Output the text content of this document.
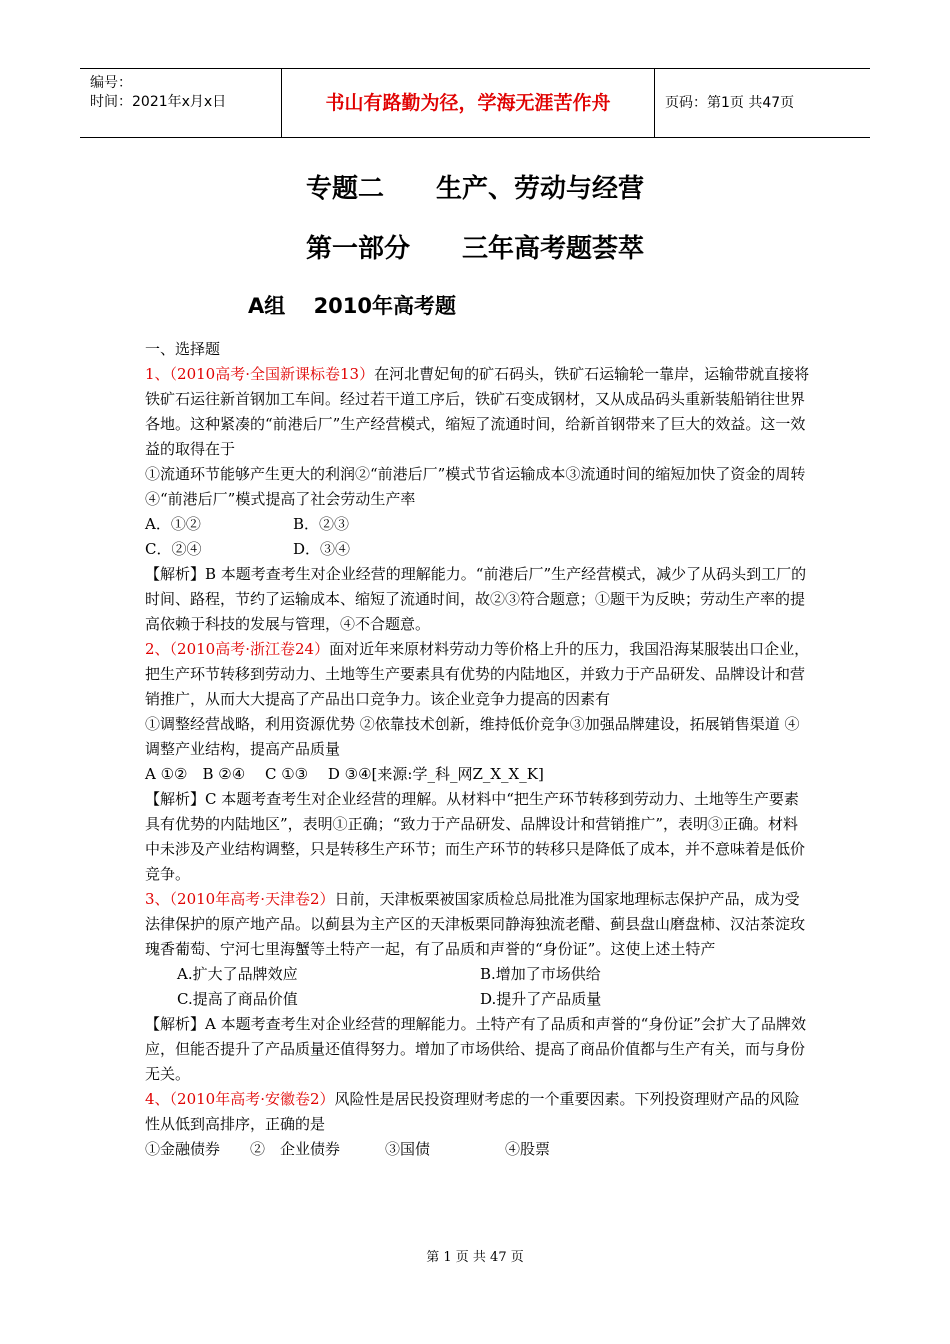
编号：
时间：2021年x月x日	书山有路勤为径，学海无涯苦作舟	页码：第1页 共47页
专题二　　生产、劳动与经营
第一部分　　三年高考题荟萃
A组　 2010年高考题

一、选择题

1、（2010高考·全国新课标卷13）在河北曹妃甸的矿石码头，铁矿石运输轮一靠岸，运输带就直接将铁矿石运往新首钢加工车间。经过若干道工序后，铁矿石变成钢材，又从成品码头重新装船销往世界各地。这种紧凑的“前港后厂”生产经营模式，缩短了流通时间，给新首钢带来了巨大的效益。这一效益的取得在于

①流通环节能够产生更大的利润②“前港后厂”模式节省运输成本③流通时间的缩短加快了资金的周转④“前港后厂”模式提高了社会劳动生产率

A．①②	B．②③

C．②④	D．③④

【解析】B 本题考查考生对企业经营的理解能力。“前港后厂”生产经营模式，减少了从码头到工厂的时间、路程，节约了运输成本、缩短了流通时间，故②③符合题意；①题干为反映；劳动生产率的提高依赖于科技的发展与管理，④不合题意。

2、（2010高考·浙江卷24）面对近年来原材料劳动力等价格上升的压力，我国沿海某服装出口企业，把生产环节转移到劳动力、土地等生产要素具有优势的内陆地区，并致力于产品研发、品牌设计和营销推广，从而大大提高了产品出口竞争力。该企业竞争力提高的因素有

①调整经营战略，利用资源优势 ②依靠技术创新，维持低价竞争③加强品牌建设，拓展销售渠道 ④调整产业结构，提高产品质量

A ①②　B ②④　 C ①③　 D ③④[来源:学_科_网Z_X_X_K]

【解析】C 本题考查考生对企业经营的理解。从材料中“把生产环节转移到劳动力、土地等生产要素具有优势的内陆地区”，表明①正确；“致力于产品研发、品牌设计和营销推广”，表明③正确。材料中未涉及产业结构调整，只是转移生产环节；而生产环节的转移只是降低了成本，并不意味着是低价竞争。

3、（2010年高考·天津卷2）日前，天津板栗被国家质检总局批准为国家地理标志保护产品，成为受法律保护的原产地产品。以蓟县为主产区的天津板栗同静海独流老醋、蓟县盘山磨盘柿、汉沽茶淀玫瑰香葡萄、宁河七里海蟹等土特产一起，有了品质和声誉的“身份证”。这使上述土特产

A.扩大了品牌效应	B.增加了市场供给

C.提高了商品价值	D.提升了产品质量

【解析】A 本题考查考生对企业经营的理解能力。土特产有了品质和声誉的“身份证”会扩大了品牌效应，但能否提升了产品质量还值得努力。增加了市场供给、提高了商品价值都与生产有关，而与身份无关。

4、（2010年高考·安徽卷2）风险性是居民投资理财考虑的一个重要因素。下列投资理财产品的风险性从低到高排序，正确的是

①金融债券　　②　企业债券　　　③国债　　　　　④股票

第 1 页 共 47 页
